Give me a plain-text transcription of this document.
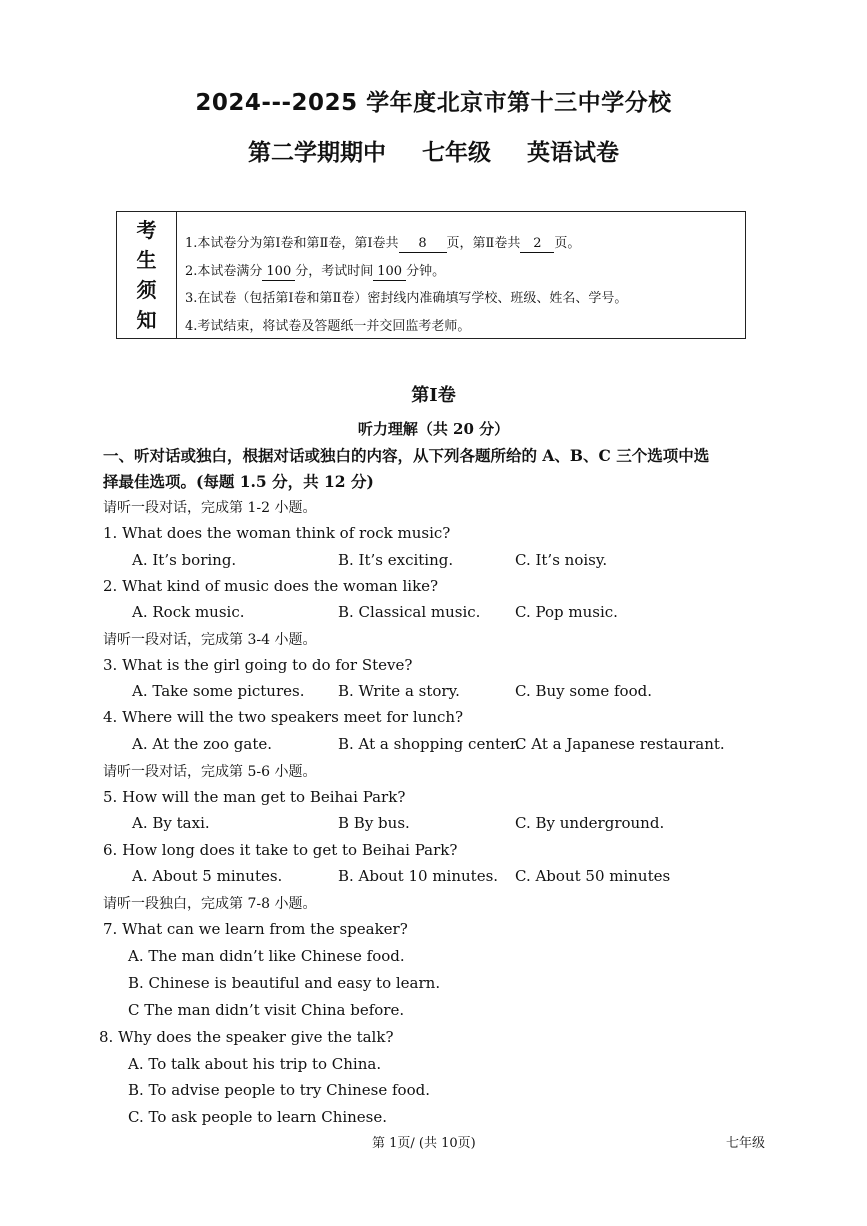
2024---2025 学年度北京市第十三中学分校
第二学期期中 七年级 英语试卷
考
生
须
知
1.本试卷分为第Ⅰ卷和第Ⅱ卷，第Ⅰ卷共 8 页，第Ⅱ卷共 2 页。
2.本试卷满分 100 分，考试时间 100 分钟。
3.在试卷（包括第Ⅰ卷和第Ⅱ卷）密封线内准确填写学校、班级、姓名、学号。
4.考试结束，将试卷及答题纸一并交回监考老师。
第Ⅰ卷
听力理解（共 20 分）
一、听对话或独白，根据对话或独白的内容，从下列各题所给的 A、B、C 三个选项中选
择最佳选项。(每题 1.5 分，共 12 分)
请听一段对话，完成第 1-2 小题。
1. What does the woman think of rock music?
A. It’s boring.	B. It’s exciting.	C. It’s noisy.
2. What kind of music does the woman like?
A. Rock music.	B. Classical music. C. Pop music.
请听一段对话，完成第 3-4 小题。
3. What is the girl going to do for Steve?
A. Take some pictures. B. Write a story.	C. Buy some food.
4. Where will the two speakers meet for lunch?
A. At the zoo gate.	B. At a shopping center.
C At a Japanese restaurant.
请听一段对话，完成第 5-6 小题。
5. How will the man get to Beihai Park?
A. By taxi.	B By bus.	C. By underground.
6. How long does it take to get to Beihai Park?
A. About 5 minutes.	B. About 10 minutes. C. About 50 minutes
请听一段独白，完成第 7-8 小题。
7. What can we learn from the speaker?
A. The man didn’t like Chinese food.
B. Chinese is beautiful and easy to learn.
C The man didn’t visit China before.
8. Why does the speaker give the talk?
A. To talk about his trip to China.
B. To advise people to try Chinese food.
C. To ask people to learn Chinese.
第 1页/ (共 10页)	七年级
